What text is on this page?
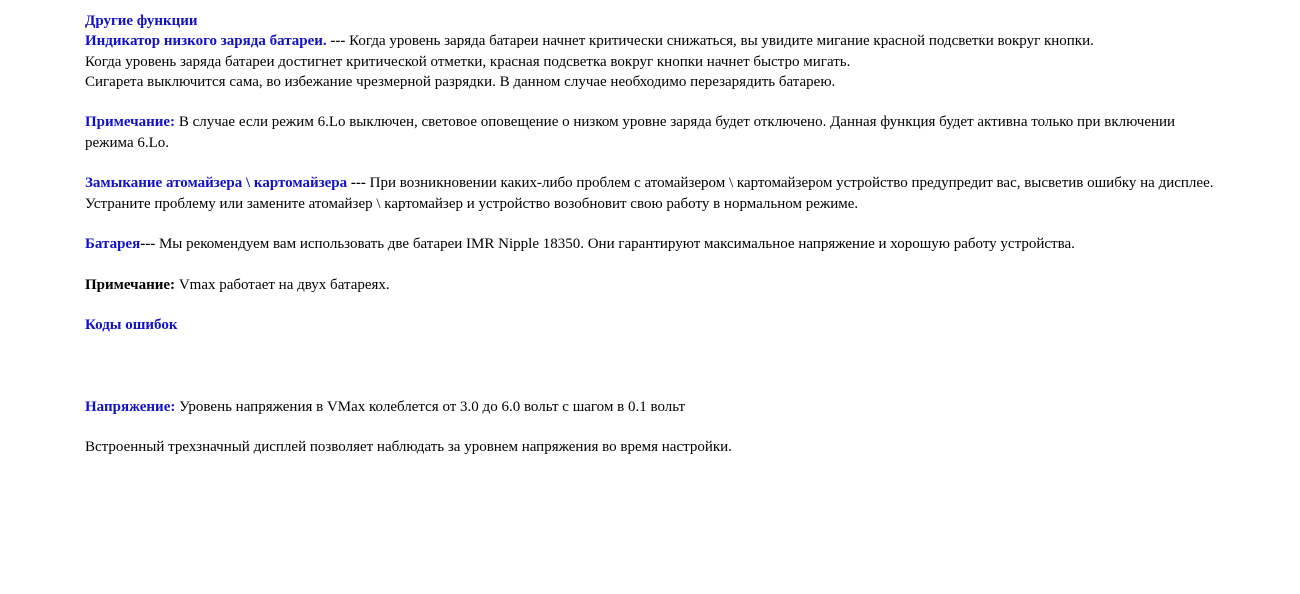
Другие функции

Индикатор низкого заряда батареи. --- Когда уровень заряда батареи начнет критически снижаться, вы увидите мигание красной подсветки вокруг кнопки.

Когда уровень заряда батареи достигнет критической отметки, красная подсветка вокруг кнопки начнет быстро мигать.

Сигарета выключится сама, во избежание чрезмерной разрядки. В данном случае необходимо перезарядить батарею.

Примечание: В случае если режим 6.Lo выключен, световое оповещение о низком уровне заряда будет отключено. Данная функция будет активна только при включении режима 6.Lo.

Замыкание атомайзера \ картомайзера --- При возникновении каких-либо проблем с атомайзером \ картомайзером устройство предупредит вас, высветив ошибку на дисплее.

Устраните проблему или замените атомайзер \ картомайзер и устройство возобновит свою работу в нормальном режиме.

Батарея--- Мы рекомендуем вам использовать две батареи IMR Nipple 18350. Они гарантируют максимальное напряжение и хорошую работу устройства.

Примечание: Vmax работает на двух батареях.

Коды ошибок

Напряжение: Уровень напряжения в VMax колеблется от 3.0 до 6.0 вольт с шагом в 0.1 вольт

Встроенный трехзначный дисплей позволяет наблюдать за уровнем напряжения во время настройки.
